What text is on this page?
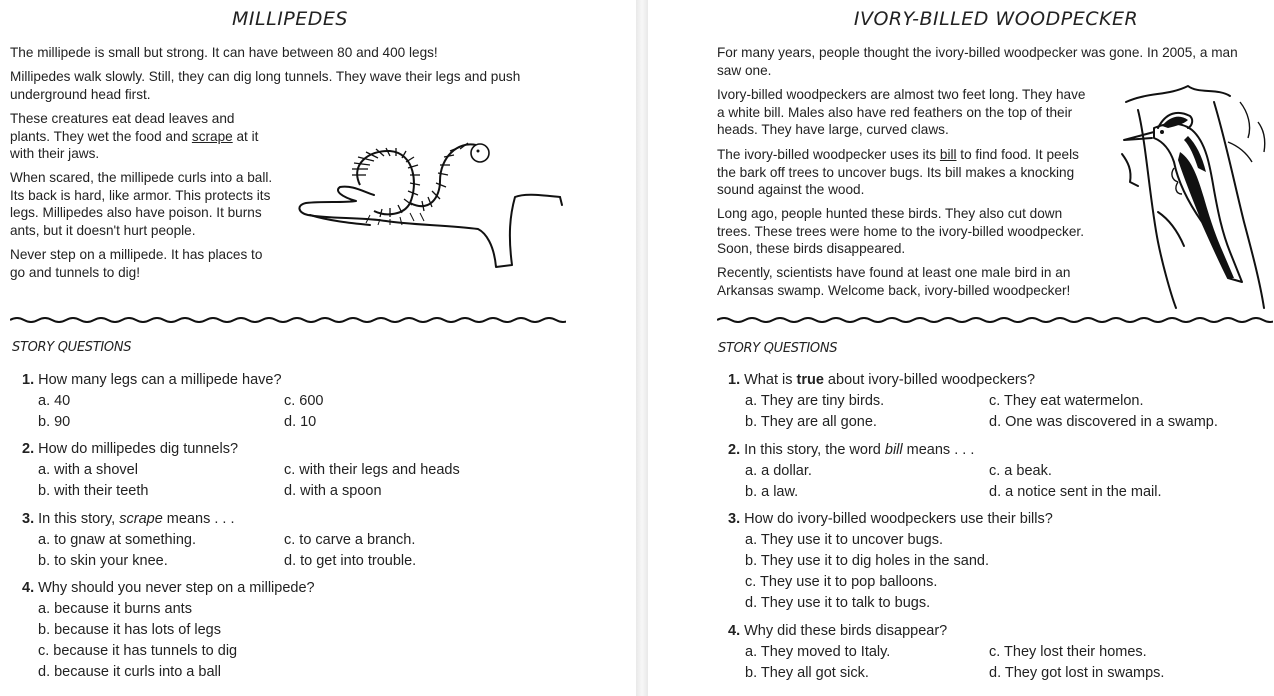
MILLIPEDES
The millipede is small but strong. It can have between 80 and 400 legs!
Millipedes walk slowly. Still, they can dig long tunnels. They wave their legs and push
underground head first.
These creatures eat dead leaves and
plants. They wet the food and scrape at it
with their jaws.
When scared, the millipede curls into a ball.
Its back is hard, like armor. This protects its
legs. Millipedes also have poison. It burns
ants, but it doesn't hurt people.
Never step on a millipede. It has places to
go and tunnels to dig!
STORY QUESTIONS
1. How many legs can a millipede have?
a. 40	c. 600
b. 90	d. 10
2. How do millipedes dig tunnels?
a. with a shovel	c. with their legs and heads
b. with their teeth	d. with a spoon
3. In this story, scrape means . . .
a. to gnaw at something.	c. to carve a branch.
b. to skin your knee.	d. to get into trouble.
4. Why should you never step on a millipede?
a. because it burns ants
b. because it has lots of legs
c. because it has tunnels to dig
d. because it curls into a ball
IVORY-BILLED WOODPECKER
For many years, people thought the ivory-billed woodpecker was gone. In 2005, a man
saw one.
Ivory-billed woodpeckers are almost two feet long. They have
a white bill. Males also have red feathers on the top of their
heads. They have large, curved claws.
The ivory-billed woodpecker uses its bill to find food. It peels
the bark off trees to uncover bugs. Its bill makes a knocking
sound against the wood.
Long ago, people hunted these birds. They also cut down
trees. These trees were home to the ivory-billed woodpecker.
Soon, these birds disappeared.
Recently, scientists have found at least one male bird in an
Arkansas swamp. Welcome back, ivory-billed woodpecker!
STORY QUESTIONS
1. What is true about ivory-billed woodpeckers?
a. They are tiny birds.	c. They eat watermelon.
b. They are all gone.	d. One was discovered in a swamp.
2. In this story, the word bill means . . .
a. a dollar.	c. a beak.
b. a law.	d. a notice sent in the mail.
3. How do ivory-billed woodpeckers use their bills?
a. They use it to uncover bugs.
b. They use it to dig holes in the sand.
c. They use it to pop balloons.
d. They use it to talk to bugs.
4. Why did these birds disappear?
a. They moved to Italy.	c. They lost their homes.
b. They all got sick.	d. They got lost in swamps.
